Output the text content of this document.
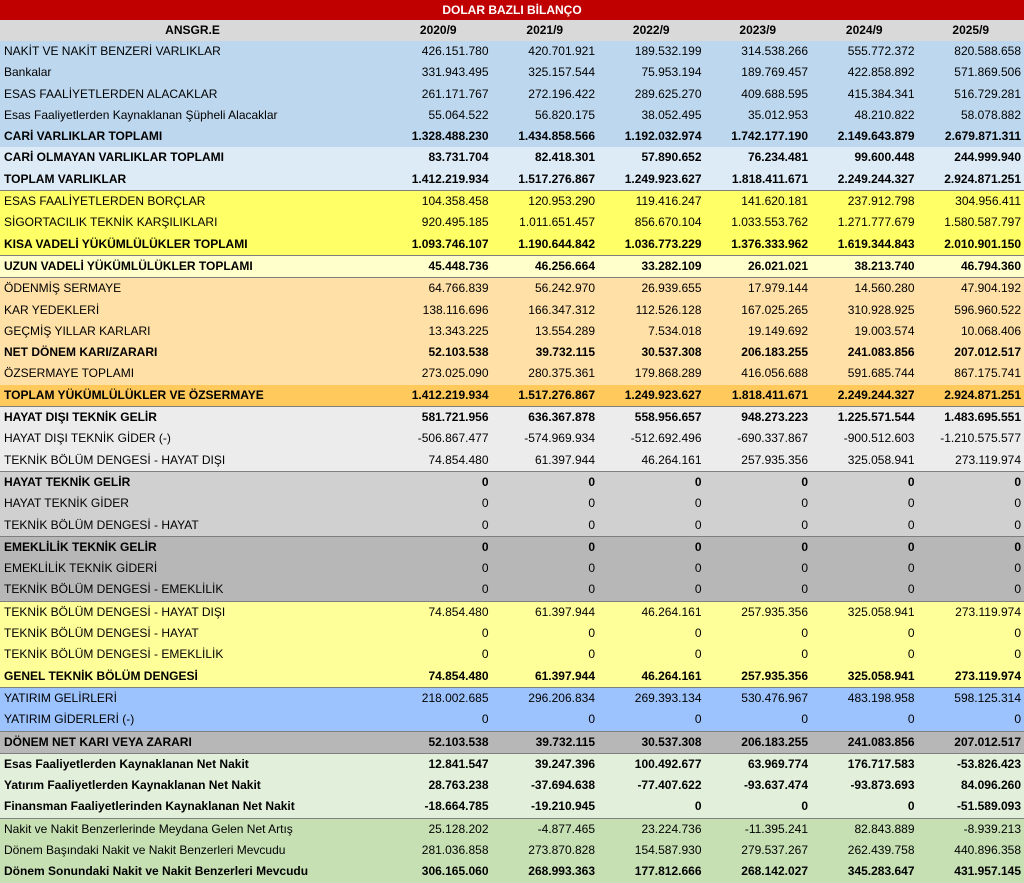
DOLAR BAZLI BİLANÇO
ANSGR.E	2020/9	2021/9	2022/9	2023/9	2024/9	2025/9
NAKİT VE NAKİT BENZERİ VARLIKLAR	426.151.780	420.701.921	189.532.199	314.538.266	555.772.372	820.588.658
Bankalar	331.943.495	325.157.544	75.953.194	189.769.457	422.858.892	571.869.506
ESAS FAALİYETLERDEN ALACAKLAR	261.171.767	272.196.422	289.625.270	409.688.595	415.384.341	516.729.281
Esas Faaliyetlerden Kaynaklanan Şüpheli Alacaklar	55.064.522	56.820.175	38.052.495	35.012.953	48.210.822	58.078.882
CARİ VARLIKLAR TOPLAMI	1.328.488.230	1.434.858.566	1.192.032.974	1.742.177.190	2.149.643.879	2.679.871.311
CARİ OLMAYAN VARLIKLAR TOPLAMI	83.731.704	82.418.301	57.890.652	76.234.481	99.600.448	244.999.940
TOPLAM VARLIKLAR	1.412.219.934	1.517.276.867	1.249.923.627	1.818.411.671	2.249.244.327	2.924.871.251
ESAS FAALİYETLERDEN BORÇLAR	104.358.458	120.953.290	119.416.247	141.620.181	237.912.798	304.956.411
SİGORTACILIK TEKNİK KARŞILIKLARI	920.495.185	1.011.651.457	856.670.104	1.033.553.762	1.271.777.679	1.580.587.797
KISA VADELİ YÜKÜMLÜLÜKLER TOPLAMI	1.093.746.107	1.190.644.842	1.036.773.229	1.376.333.962	1.619.344.843	2.010.901.150
UZUN VADELİ YÜKÜMLÜLÜKLER TOPLAMI	45.448.736	46.256.664	33.282.109	26.021.021	38.213.740	46.794.360
ÖDENMİŞ SERMAYE	64.766.839	56.242.970	26.939.655	17.979.144	14.560.280	47.904.192
KAR YEDEKLERİ	138.116.696	166.347.312	112.526.128	167.025.265	310.928.925	596.960.522
GEÇMİŞ YILLAR KARLARI	13.343.225	13.554.289	7.534.018	19.149.692	19.003.574	10.068.406
NET DÖNEM KARI/ZARARI	52.103.538	39.732.115	30.537.308	206.183.255	241.083.856	207.012.517
ÖZSERMAYE TOPLAMI	273.025.090	280.375.361	179.868.289	416.056.688	591.685.744	867.175.741
TOPLAM YÜKÜMLÜLÜKLER VE ÖZSERMAYE	1.412.219.934	1.517.276.867	1.249.923.627	1.818.411.671	2.249.244.327	2.924.871.251
HAYAT DIŞI TEKNİK GELİR	581.721.956	636.367.878	558.956.657	948.273.223	1.225.571.544	1.483.695.551
HAYAT DIŞI TEKNİK GİDER (-)	-506.867.477	-574.969.934	-512.692.496	-690.337.867	-900.512.603	-1.210.575.577
TEKNİK BÖLÜM DENGESİ - HAYAT DIŞI	74.854.480	61.397.944	46.264.161	257.935.356	325.058.941	273.119.974
HAYAT TEKNİK GELİR	0	0	0	0	0	0
HAYAT TEKNİK GİDER	0	0	0	0	0	0
TEKNİK BÖLÜM DENGESİ - HAYAT	0	0	0	0	0	0
EMEKLİLİK TEKNİK GELİR	0	0	0	0	0	0
EMEKLİLİK TEKNİK GİDERİ	0	0	0	0	0	0
TEKNİK BÖLÜM DENGESİ - EMEKLİLİK	0	0	0	0	0	0
TEKNİK BÖLÜM DENGESİ - HAYAT DIŞI	74.854.480	61.397.944	46.264.161	257.935.356	325.058.941	273.119.974
TEKNİK BÖLÜM DENGESİ - HAYAT	0	0	0	0	0	0
TEKNİK BÖLÜM DENGESİ - EMEKLİLİK	0	0	0	0	0	0
GENEL TEKNİK BÖLÜM DENGESİ	74.854.480	61.397.944	46.264.161	257.935.356	325.058.941	273.119.974
YATIRIM GELİRLERİ	218.002.685	296.206.834	269.393.134	530.476.967	483.198.958	598.125.314
YATIRIM GİDERLERİ (-)	0	0	0	0	0	0
DÖNEM NET KARI VEYA ZARARI	52.103.538	39.732.115	30.537.308	206.183.255	241.083.856	207.012.517
Esas Faaliyetlerden Kaynaklanan Net Nakit	12.841.547	39.247.396	100.492.677	63.969.774	176.717.583	-53.826.423
Yatırım Faaliyetlerden Kaynaklanan Net Nakit	28.763.238	-37.694.638	-77.407.622	-93.637.474	-93.873.693	84.096.260
Finansman Faaliyetlerinden Kaynaklanan Net Nakit	-18.664.785	-19.210.945	0	0	0	-51.589.093
Nakit ve Nakit Benzerlerinde Meydana Gelen Net Artış	25.128.202	-4.877.465	23.224.736	-11.395.241	82.843.889	-8.939.213
Dönem Başındaki Nakit ve Nakit Benzerleri Mevcudu	281.036.858	273.870.828	154.587.930	279.537.267	262.439.758	440.896.358
Dönem Sonundaki Nakit ve Nakit Benzerleri Mevcudu	306.165.060	268.993.363	177.812.666	268.142.027	345.283.647	431.957.145
